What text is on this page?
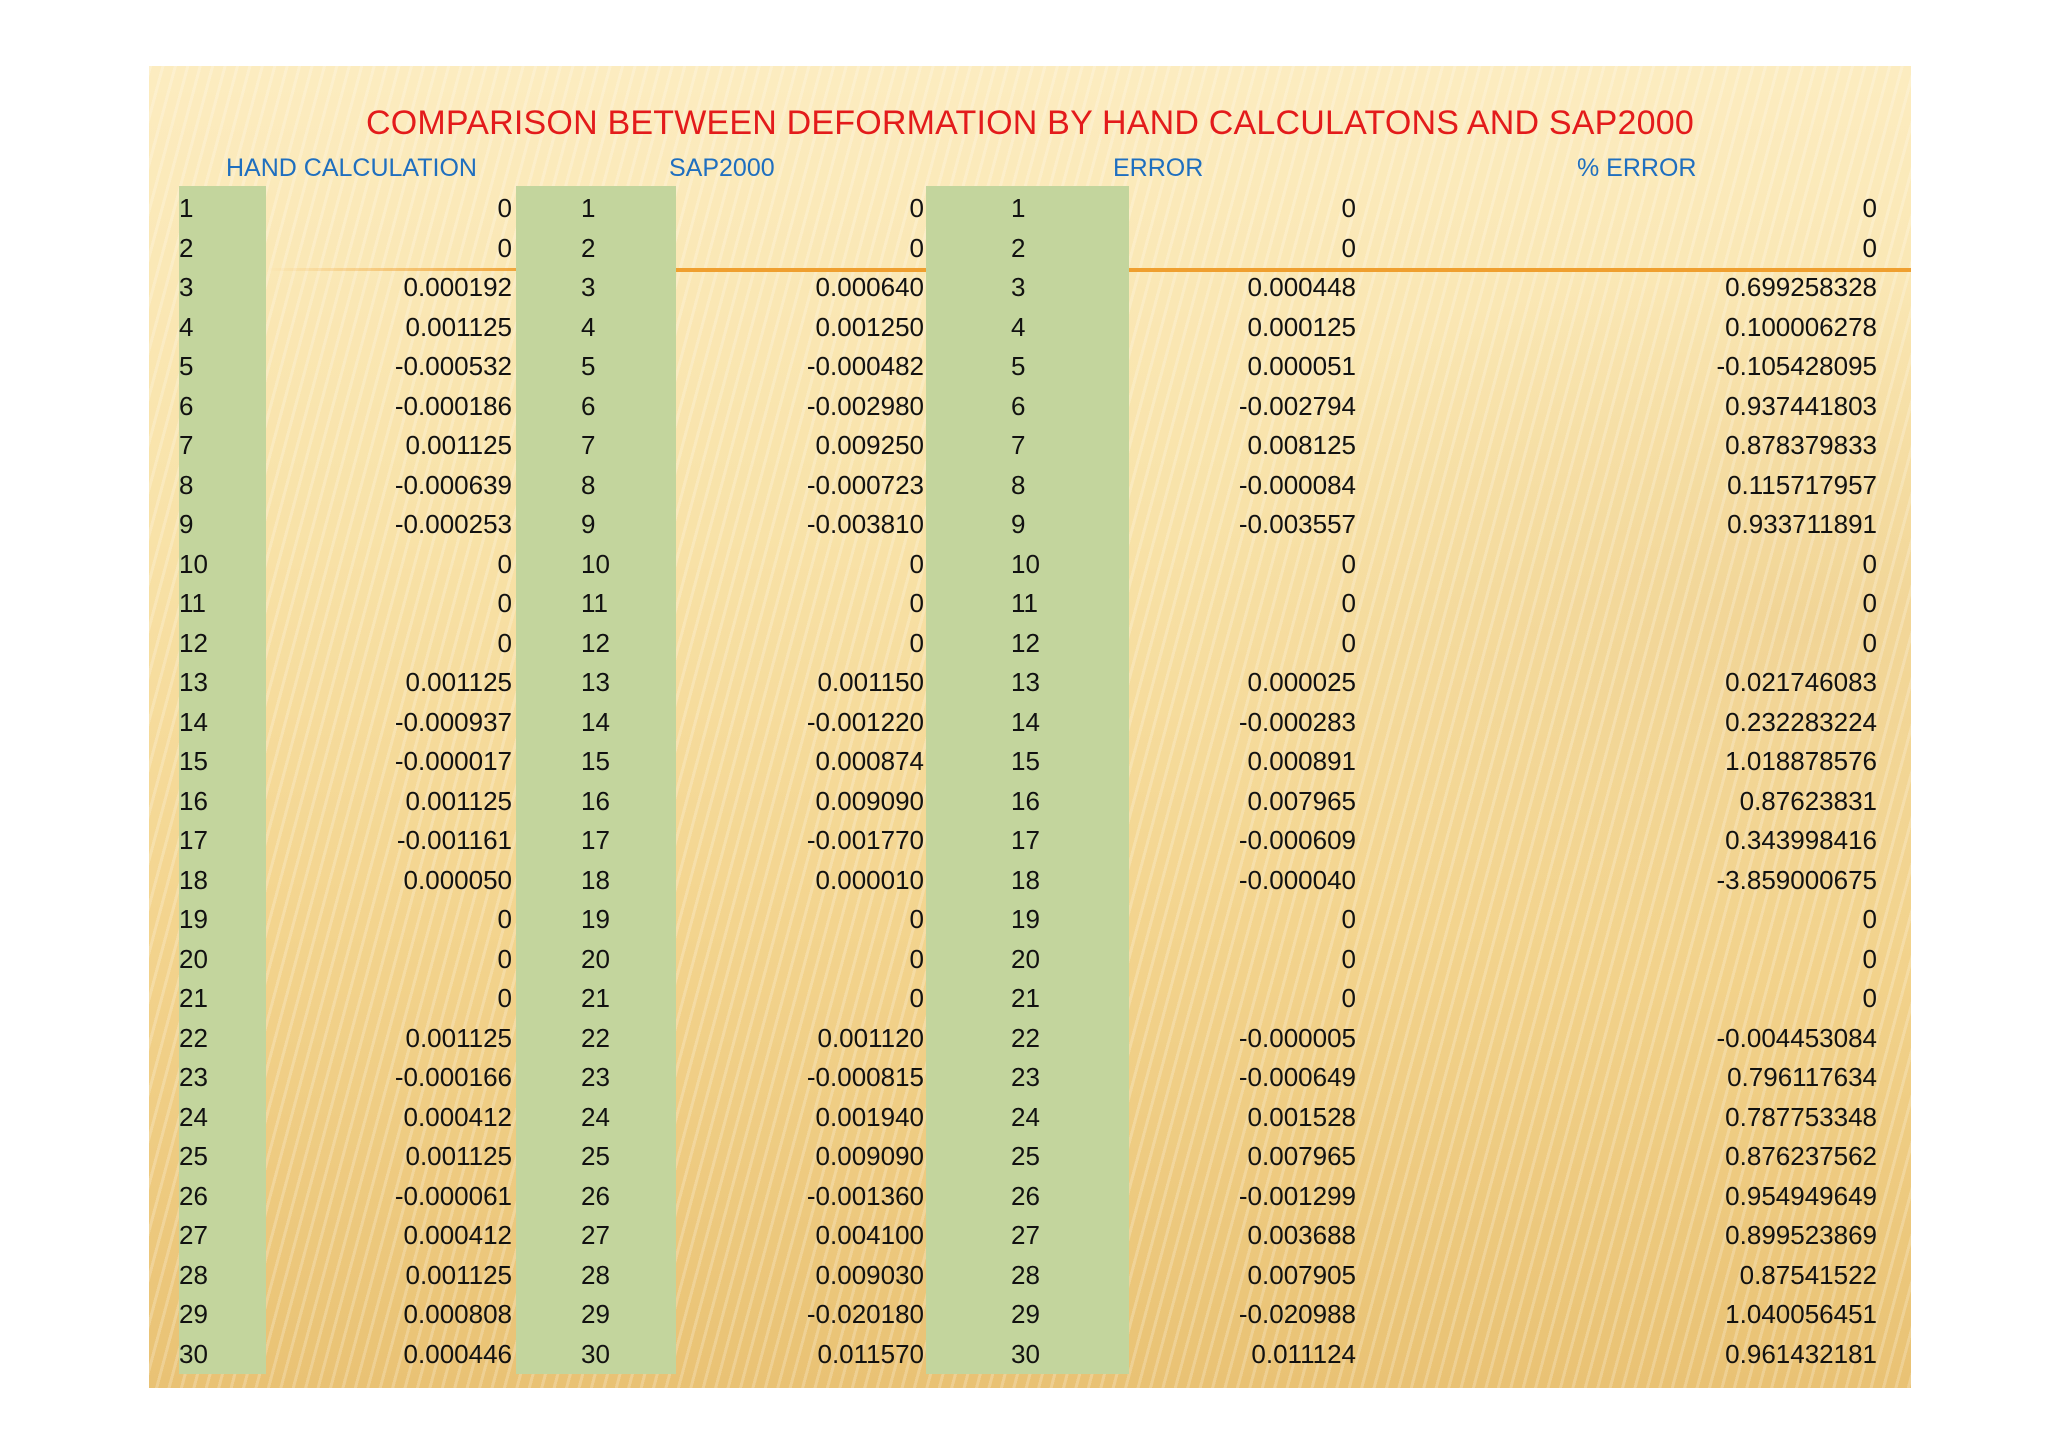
COMPARISON BETWEEN DEFORMATION BY HAND CALCULATONS AND SAP2000
HAND CALCULATION	SAP2000	ERROR	% ERROR
1	0	1	0	1	0	0
2	0	2	0	2	0	0
3	0.000192	3	0.000640	3	0.000448	0.699258328
4	0.001125	4	0.001250	4	0.000125	0.100006278
5	-0.000532	5	-0.000482	5	0.000051	-0.105428095
6	-0.000186	6	-0.002980	6	-0.002794	0.937441803
7	0.001125	7	0.009250	7	0.008125	0.878379833
8	-0.000639	8	-0.000723	8	-0.000084	0.115717957
9	-0.000253	9	-0.003810	9	-0.003557	0.933711891
10	0	10	0	10	0	0
11	0	11	0	11	0	0
12	0	12	0	12	0	0
13	0.001125	13	0.001150	13	0.000025	0.021746083
14	-0.000937	14	-0.001220	14	-0.000283	0.232283224
15	-0.000017	15	0.000874	15	0.000891	1.018878576
16	0.001125	16	0.009090	16	0.007965	0.87623831
17	-0.001161	17	-0.001770	17	-0.000609	0.343998416
18	0.000050	18	0.000010	18	-0.000040	-3.859000675
19	0	19	0	19	0	0
20	0	20	0	20	0	0
21	0	21	0	21	0	0
22	0.001125	22	0.001120	22	-0.000005	-0.004453084
23	-0.000166	23	-0.000815	23	-0.000649	0.796117634
24	0.000412	24	0.001940	24	0.001528	0.787753348
25	0.001125	25	0.009090	25	0.007965	0.876237562
26	-0.000061	26	-0.001360	26	-0.001299	0.954949649
27	0.000412	27	0.004100	27	0.003688	0.899523869
28	0.001125	28	0.009030	28	0.007905	0.87541522
29	0.000808	29	-0.020180	29	-0.020988	1.040056451
30	0.000446	30	0.011570	30	0.011124	0.961432181
